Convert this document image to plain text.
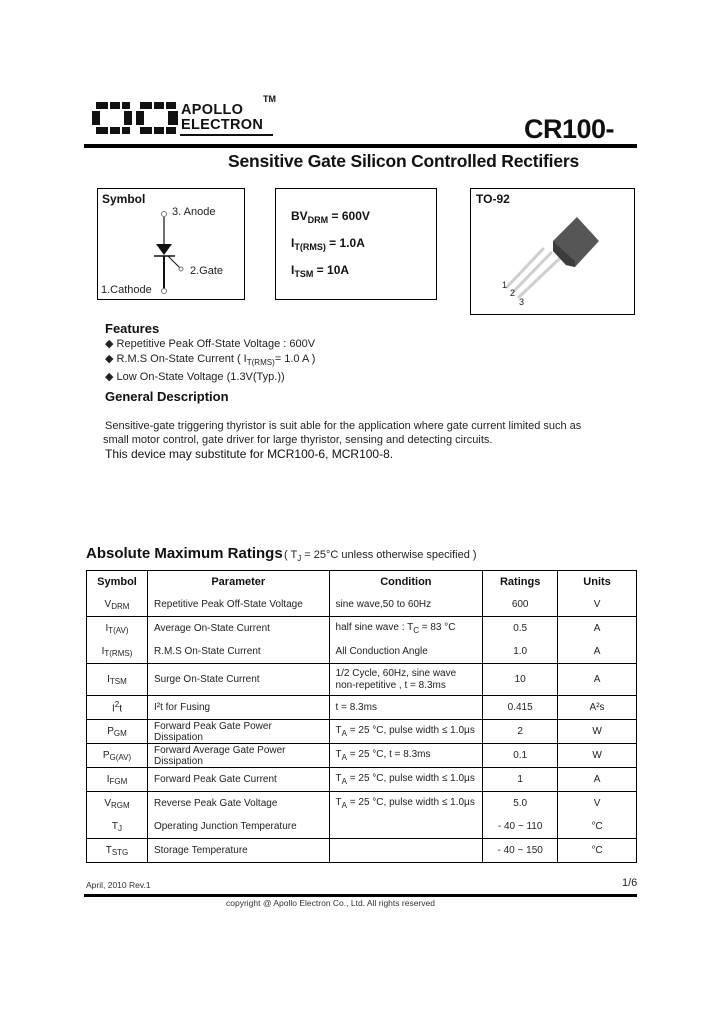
APOLLO
ELECTRON
TM
CR100-
Sensitive Gate Silicon Controlled Rectifiers
Symbol
3. Anode
2.Gate
1.Cathode
$BV_{DRM} = 600V$
$I_{T(RMS)} = 1.0A$
$I_{TSM} = 10A$
TO-92
1
2
3
Features
◆ Repetitive Peak Off-State Voltage : 600V
◆ R.M.S On-State Current ( $I_{T(RMS)}= 1.0$ A )
◆ Low On-State Voltage (1.3V(Typ.))
General Description
Sensitive-gate triggering thyristor is suit able for the application where gate current limited such as
small motor control, gate driver for large thyristor, sensing and detecting circuits.
This device may substitute for MCR100-6, MCR100-8.
Absolute Maximum Ratings ( $T_J = 25^\circ C$ unless otherwise specified )
Symbol	Parameter	Condition	Ratings	Units
$V_{DRM}$	Repetitive Peak Off-State Voltage	sine wave,50 to 60Hz	600	V
$I_{T(AV)}$	Average On-State Current	half sine wave : $T_C = 83$ °C	0.5	A
$I_{T(RMS)}$	R.M.S On-State Current	All Conduction Angle	1.0	A
$I_{TSM}$	Surge On-State Current	1/2 Cycle, 60Hz, sine wave
non-repetitive , t = 8.3ms	10	A
$I^2t$	I²t for Fusing	t = 8.3ms	0.415	A²s
$P_{GM}$	Forward Peak Gate Power Dissipation	$T_A = 25$ °C, pulse width ≤ 1.0μs	2	W
$P_{G(AV)}$	Forward Average Gate Power Dissipation	$T_A = 25$ °C, t = 8.3ms	0.1	W
$I_{FGM}$	Forward Peak Gate Current	$T_A = 25$ °C, pulse width ≤ 1.0μs	1	A
$V_{RGM}$	Reverse Peak Gate Voltage	$T_A = 25$ °C, pulse width ≤ 1.0μs	5.0	V
$T_J$	Operating Junction Temperature		- 40 ~ 110	°C
$T_{STG}$	Storage Temperature		- 40 ~ 150	°C
April, 2010 Rev.1	1/6
copyright @ Apollo Electron Co., Ltd. All rights reserved
